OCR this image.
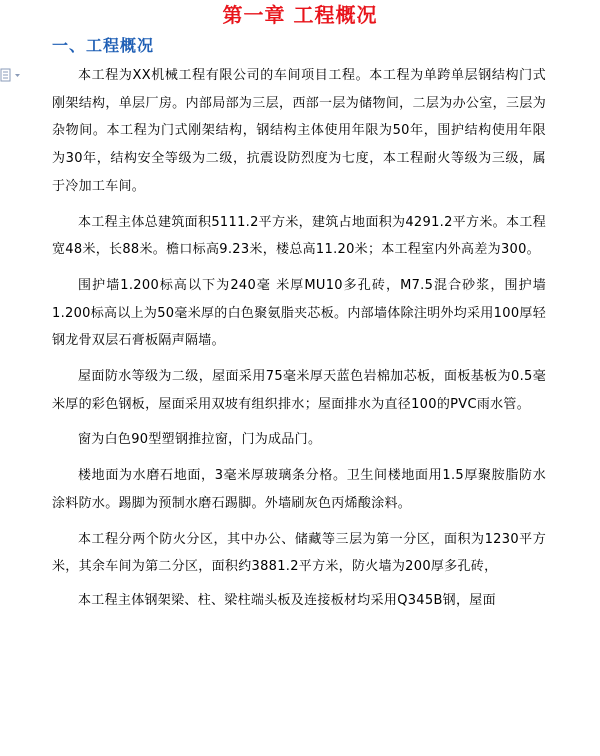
第一章 工程概况
一、工程概况

本工程为XX机械工程有限公司的车间项目工程。本工程为单跨单层钢结构门式刚架结构，单层厂房。内部局部为三层，西部一层为储物间，二层为办公室，三层为杂物间。本工程为门式刚架结构，钢结构主体使用年限为50年，围护结构使用年限为30年，结构安全等级为二级，抗震设防烈度为七度，本工程耐火等级为三级，属于冷加工车间。

本工程主体总建筑面积5111.2平方米，建筑占地面积为4291.2平方米。本工程宽48米，长88米。檐口标高9.23米，楼总高11.20米；本工程室内外高差为300。

围护墙1.200标高以下为240毫 米厚MU10多孔砖，M7.5混合砂浆，围护墙1.200标高以上为50毫米厚的白色聚氨脂夹芯板。内部墙体除注明外均采用100厚轻钢龙骨双层石膏板隔声隔墙。

屋面防水等级为二级，屋面采用75毫米厚天蓝色岩棉加芯板，面板基板为0.5毫米厚的彩色钢板，屋面采用双坡有组织排水；屋面排水为直径100的PVC雨水管。

窗为白色90型塑钢推拉窗，门为成品门。

楼地面为水磨石地面，3毫米厚玻璃条分格。卫生间楼地面用1.5厚聚胺脂防水涂料防水。踢脚为预制水磨石踢脚。外墙刷灰色丙烯酸涂料。

本工程分两个防火分区，其中办公、储藏等三层为第一分区，面积为1230平方米，其余车间为第二分区，面积约3881.2平方米，防火墙为200厚多孔砖，

本工程主体钢架梁、柱、梁柱端头板及连接板材均采用Q345B钢，屋面
